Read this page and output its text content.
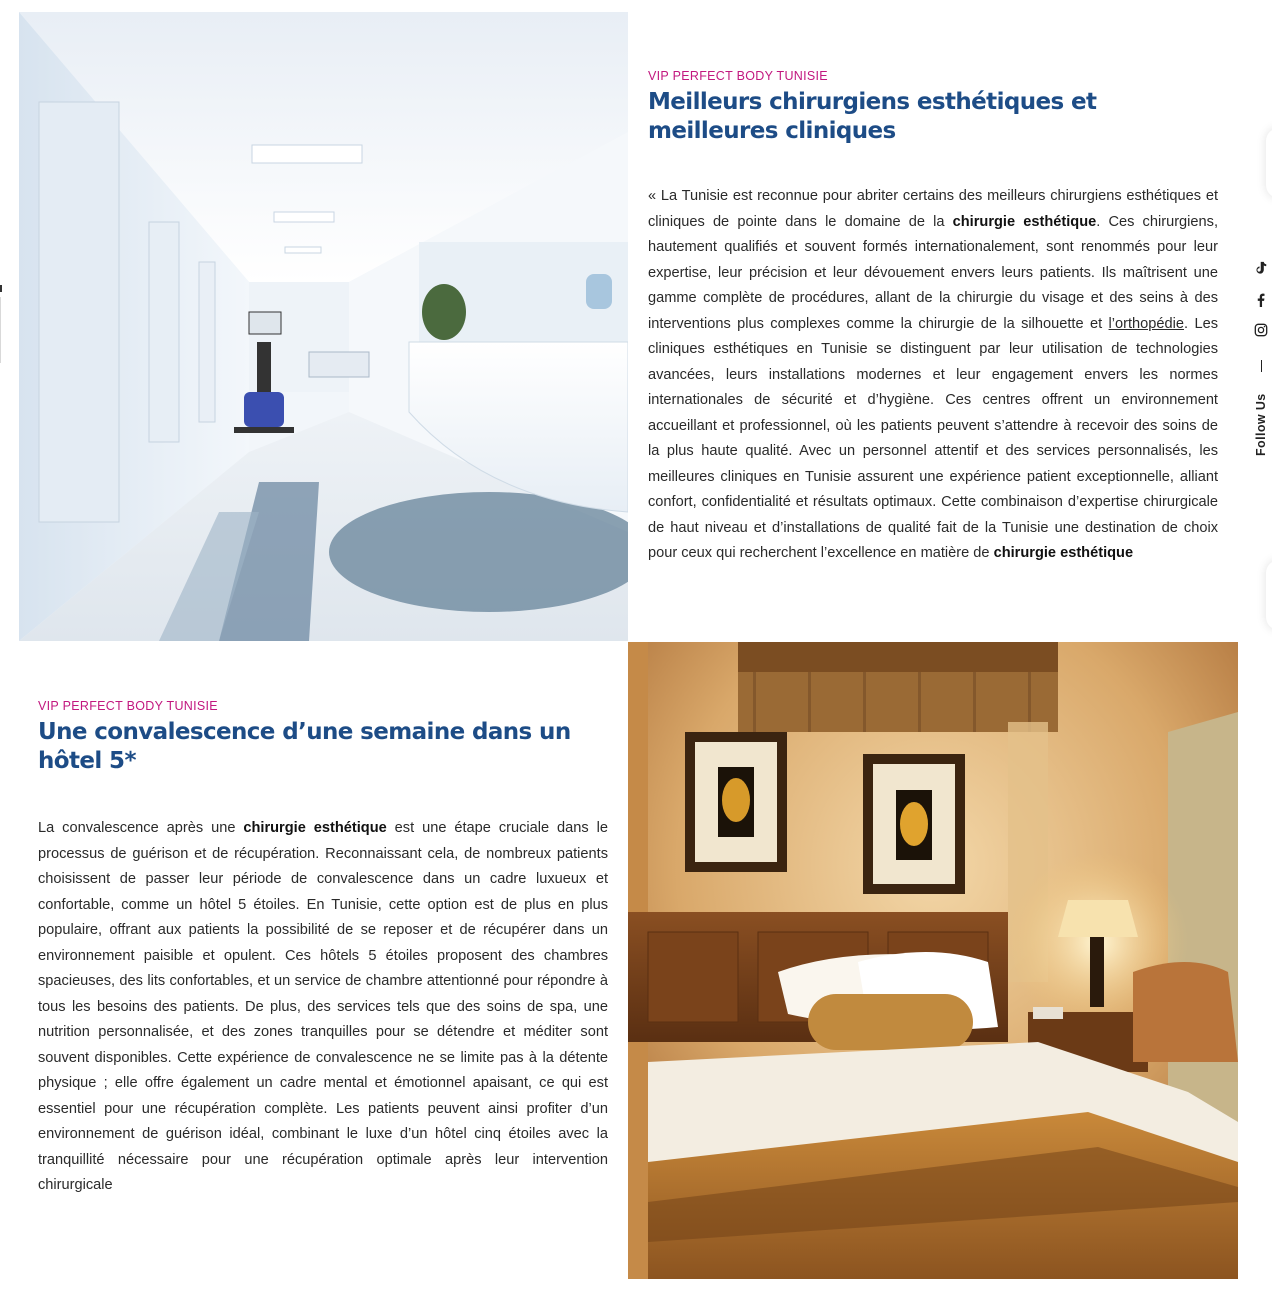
VIP PERFECT BODY TUNISIE
Meilleurs chirurgiens esthétiques et meilleures cliniques

« La Tunisie est reconnue pour abriter certains des meilleurs chirurgiens esthétiques et cliniques de pointe dans le domaine de la chirurgie esthétique. Ces chirurgiens, hautement qualifiés et souvent formés internationalement, sont renommés pour leur expertise, leur précision et leur dévouement envers leurs patients. Ils maîtrisent une gamme complète de procédures, allant de la chirurgie du visage et des seins à des interventions plus complexes comme la chirurgie de la silhouette et l’orthopédie. Les cliniques esthétiques en Tunisie se distinguent par leur utilisation de technologies avancées, leurs installations modernes et leur engagement envers les normes internationales de sécurité et d’hygiène. Ces centres offrent un environnement accueillant et professionnel, où les patients peuvent s’attendre à recevoir des soins de la plus haute qualité. Avec un personnel attentif et des services personnalisés, les meilleures cliniques en Tunisie assurent une expérience patient exceptionnelle, alliant confort, confidentialité et résultats optimaux. Cette combinaison d’expertise chirurgicale de haut niveau et d’installations de qualité fait de la Tunisie une destination de choix pour ceux qui recherchent l’excellence en matière de chirurgie esthétique

VIP PERFECT BODY TUNISIE
Une convalescence d’une semaine dans un hôtel 5*

La convalescence après une chirurgie esthétique est une étape cruciale dans le processus de guérison et de récupération. Reconnaissant cela, de nombreux patients choisissent de passer leur période de convalescence dans un cadre luxueux et confortable, comme un hôtel 5 étoiles. En Tunisie, cette option est de plus en plus populaire, offrant aux patients la possibilité de se reposer et de récupérer dans un environnement paisible et opulent. Ces hôtels 5 étoiles proposent des chambres spacieuses, des lits confortables, et un service de chambre attentionné pour répondre à tous les besoins des patients. De plus, des services tels que des soins de spa, une nutrition personnalisée, et des zones tranquilles pour se détendre et méditer sont souvent disponibles. Cette expérience de convalescence ne se limite pas à la détente physique ; elle offre également un cadre mental et émotionnel apaisant, ce qui est essentiel pour une récupération complète. Les patients peuvent ainsi profiter d’un environnement de guérison idéal, combinant le luxe d’un hôtel cinq étoiles avec la tranquillité nécessaire pour une récupération optimale après leur intervention chirurgicale

Follow Us
